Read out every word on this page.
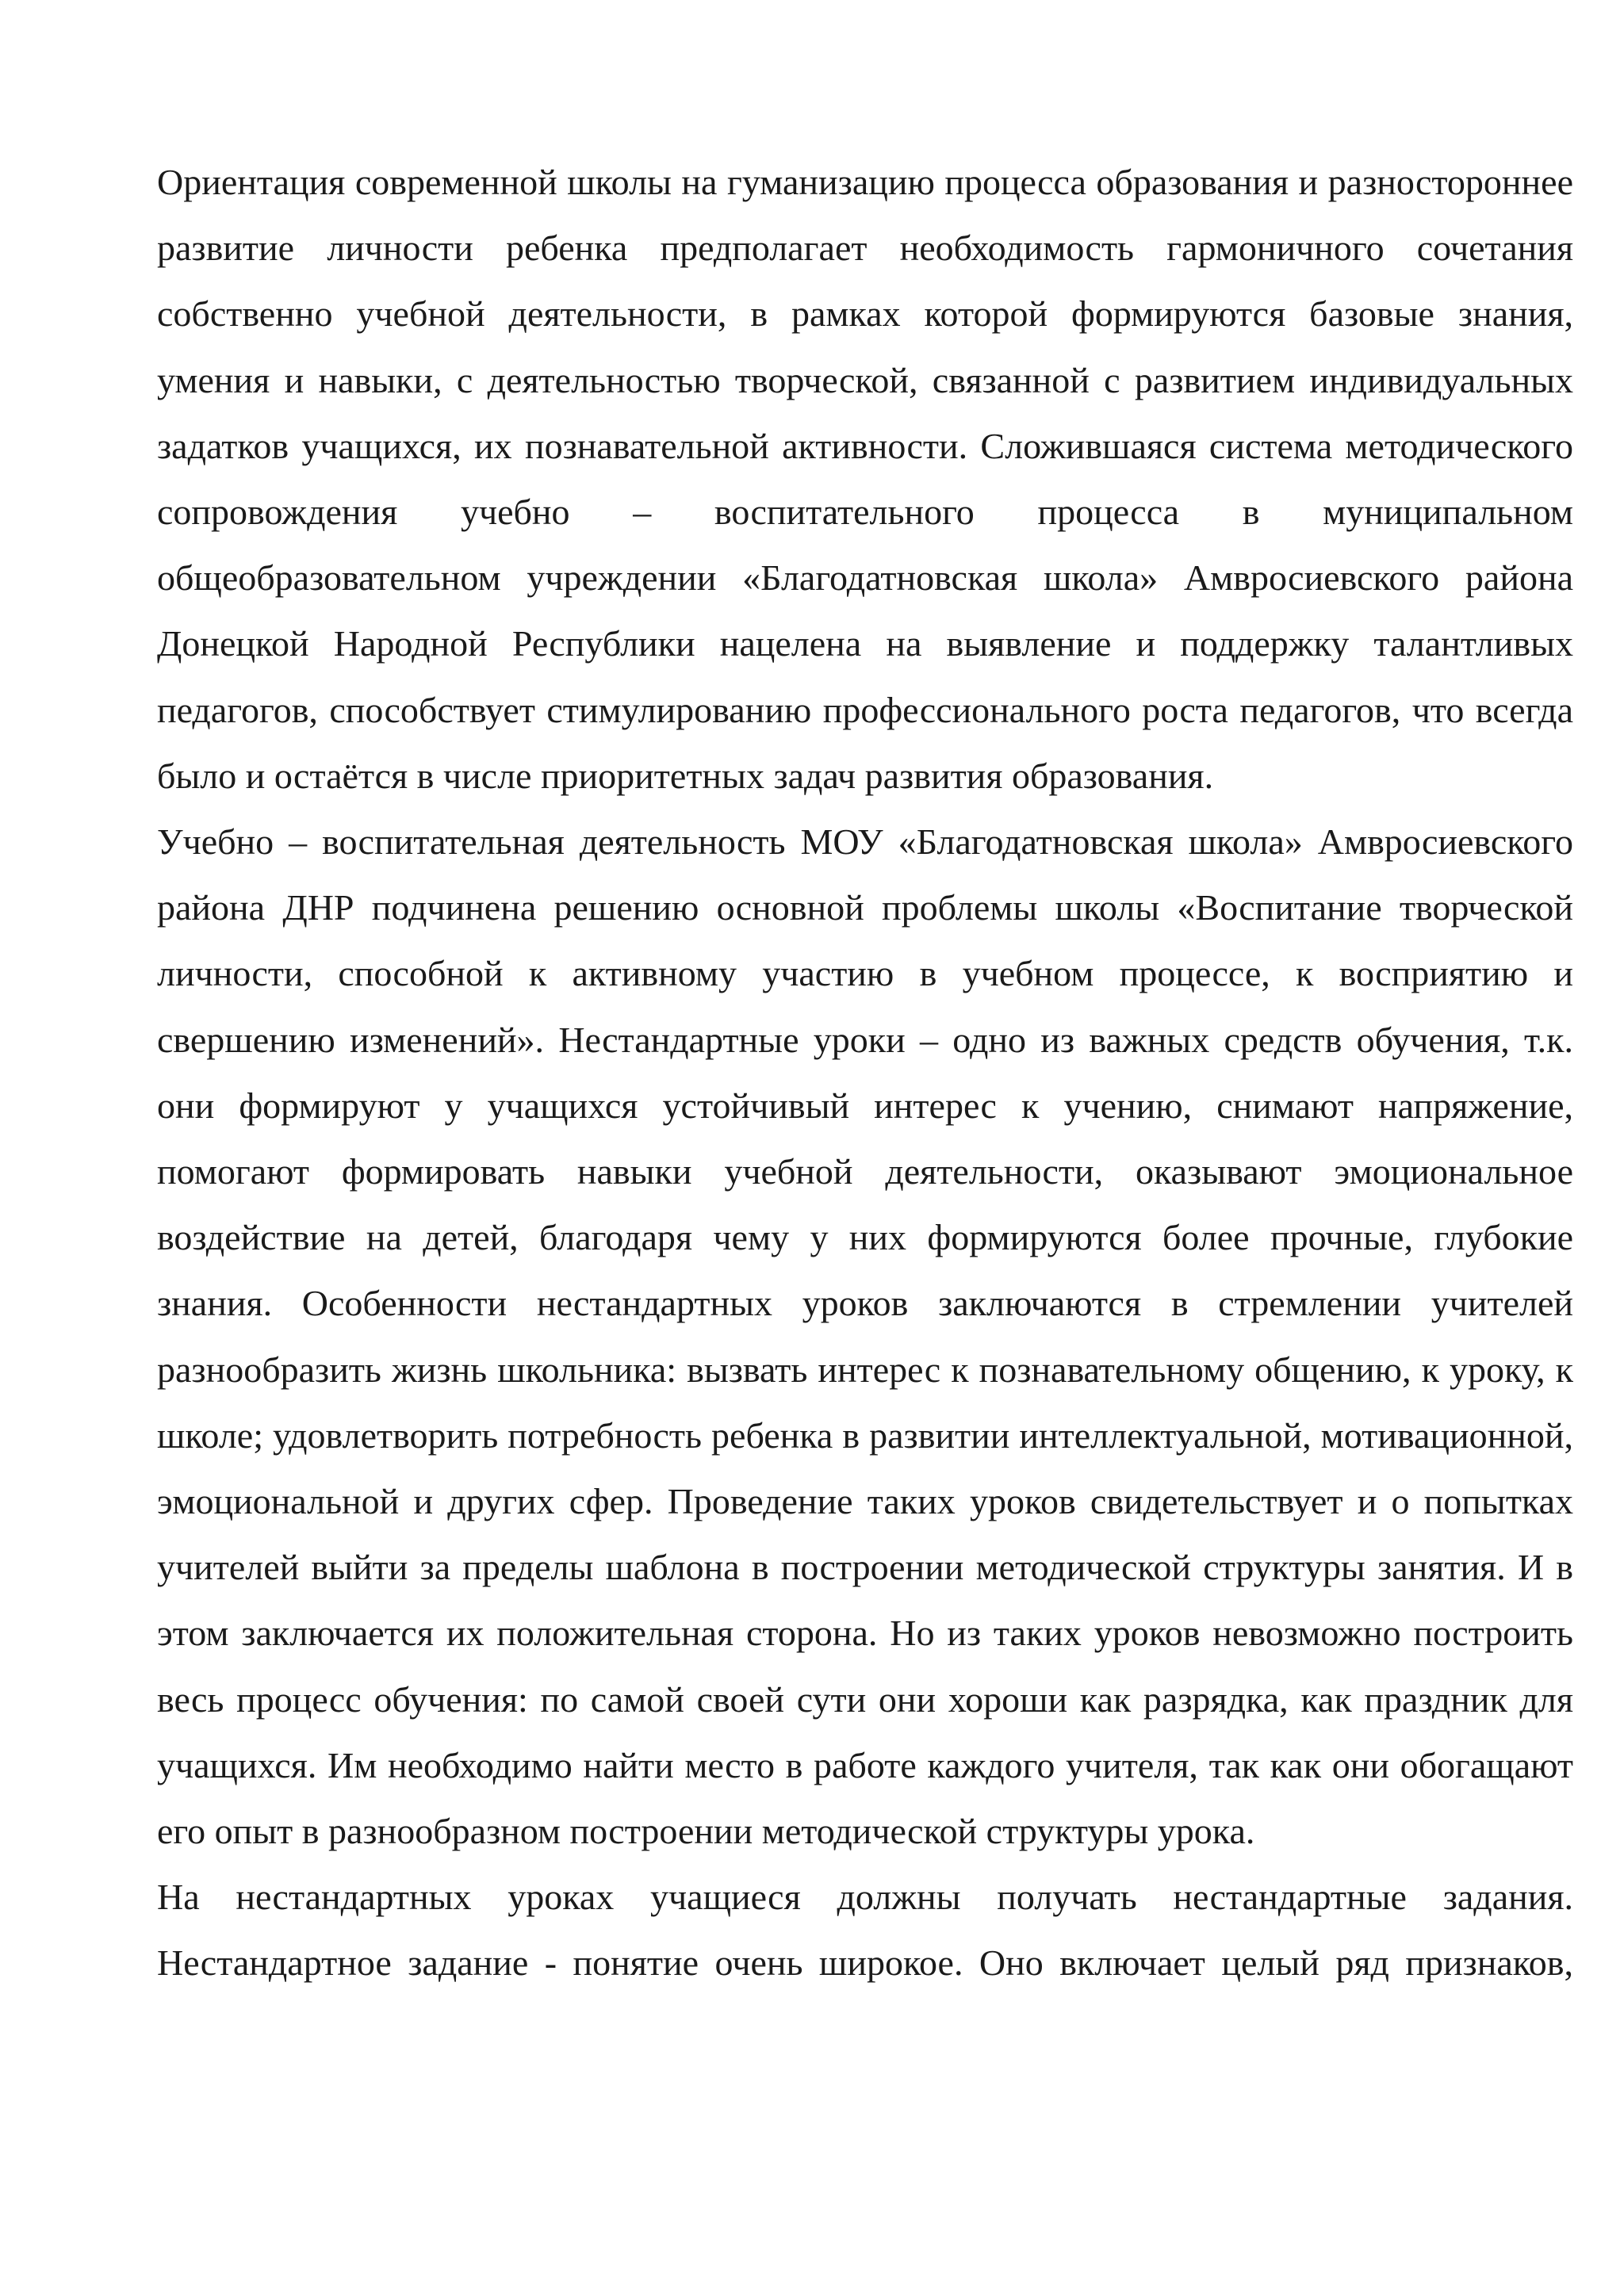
Ориентация современной школы на гуманизацию процесса образования и разностороннее развитие личности ребенка предполагает необходимость гармоничного сочетания собственно учебной деятельности, в рамках которой формируются базовые знания, умения и навыки, с деятельностью творческой, связанной с развитием индивидуальных задатков учащихся, их познавательной активности. Сложившаяся система методического сопровождения учебно – воспитательного процесса в муниципальном общеобразовательном учреждении «Благодатновская школа» Амвросиевского района Донецкой Народной Республики нацелена на выявление и поддержку талантливых педагогов, способствует стимулированию профессионального роста педагогов, что всегда было и остаётся в числе приоритетных задач развития образования.

Учебно – воспитательная деятельность МОУ «Благодатновская школа» Амвросиевского района ДНР подчинена решению основной проблемы школы «Воспитание творческой личности, способной к активному участию в учебном процессе, к восприятию и свершению изменений». Нестандартные уроки – одно из важных средств обучения, т.к. они формируют у учащихся устойчивый интерес к учению, снимают напряжение, помогают формировать навыки учебной деятельности, оказывают эмоциональное воздействие на детей, благодаря чему у них формируются более прочные, глубокие знания. Особенности нестандартных уроков заключаются в стремлении учителей разнообразить жизнь школьника: вызвать интерес к познавательному общению, к уроку, к школе; удовлетворить потребность ребенка в развитии интеллектуальной, мотивационной, эмоциональной и других сфер. Проведение таких уроков свидетельствует и о попытках учителей выйти за пределы шаблона в построении методической структуры занятия. И в этом заключается их положительная сторона. Но из таких уроков невозможно построить весь процесс обучения: по самой своей сути они хороши как разрядка, как праздник для учащихся. Им необходимо найти место в работе каждого учителя, так как они обогащают его опыт в разнообразном построении методической структуры урока.

На нестандартных уроках учащиеся должны получать нестандартные задания. Нестандартное задание - понятие очень широкое. Оно включает целый ряд признаков,
